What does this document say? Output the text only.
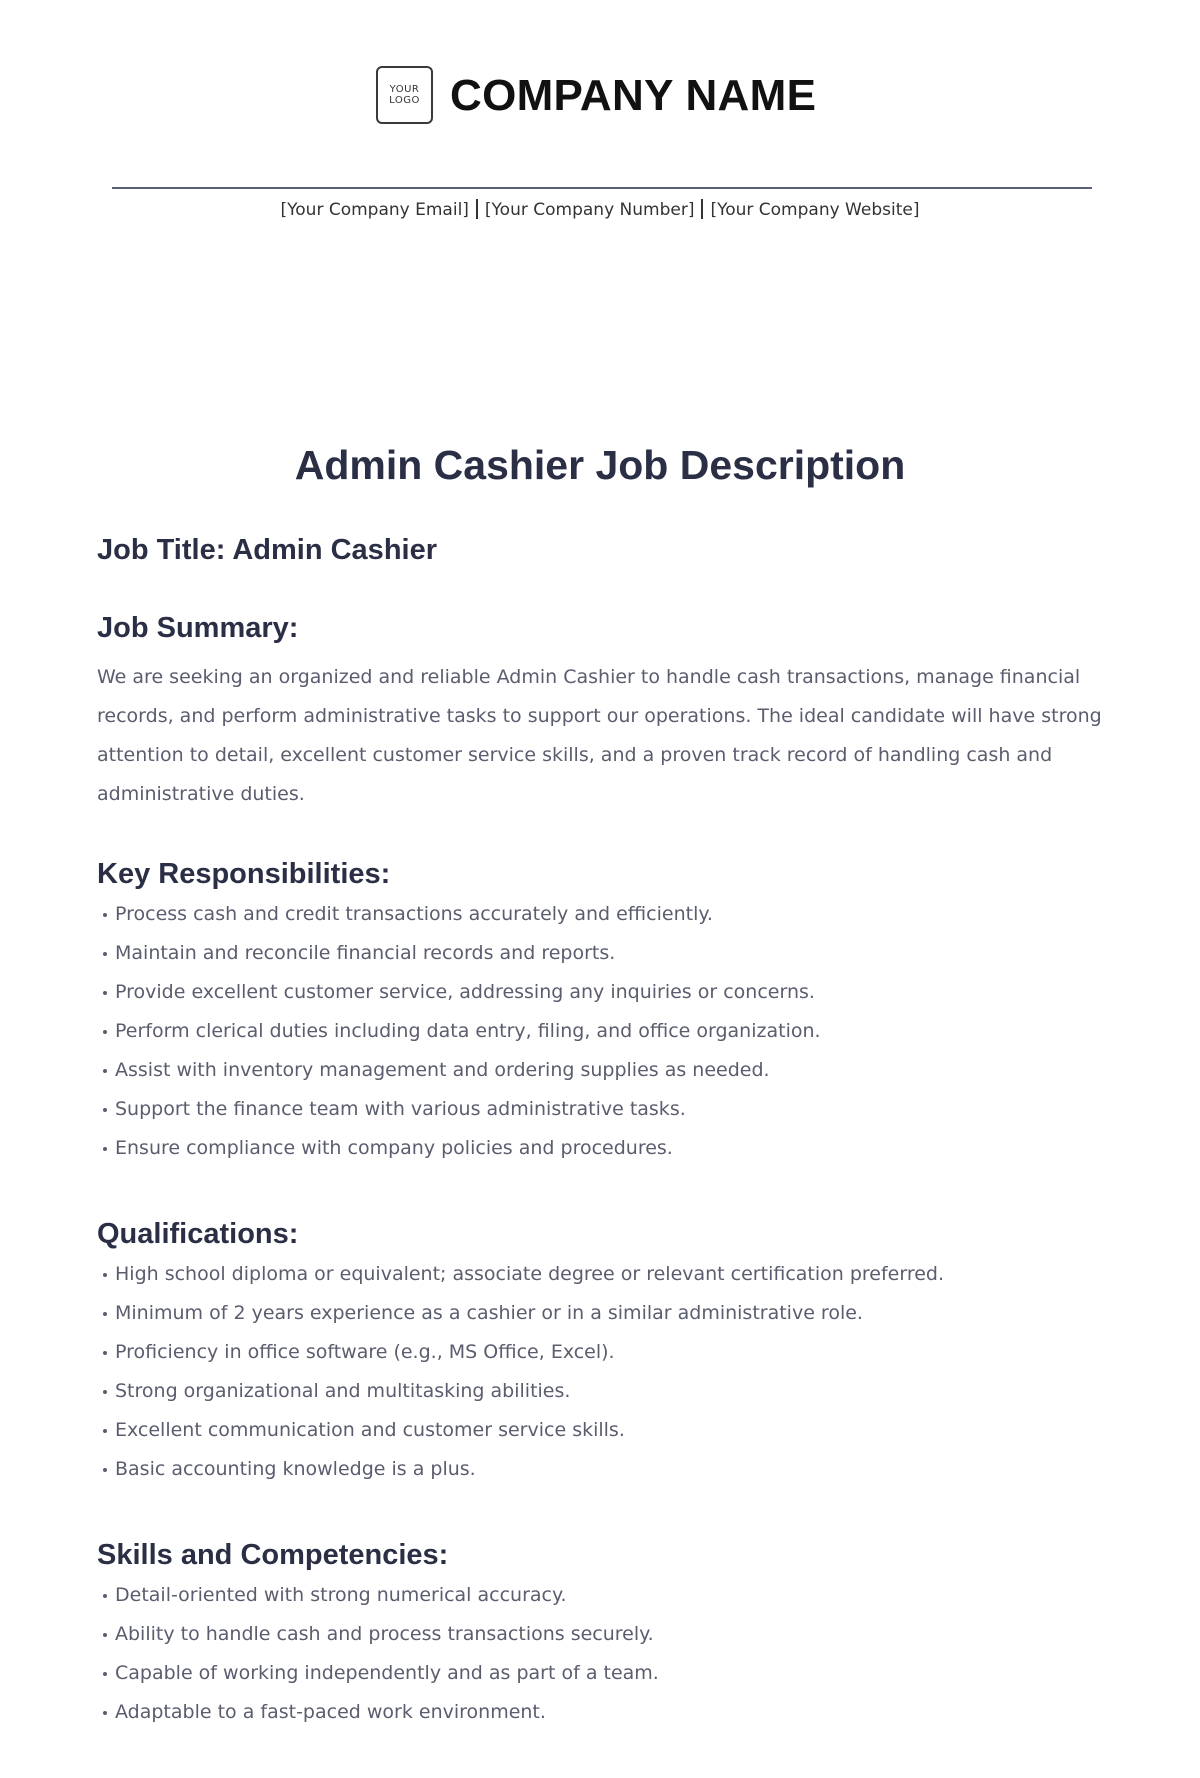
YOUR
LOGO COMPANY NAME
[Your Company Email] [Your Company Number] [Your Company Website]
Admin Cashier Job Description
Job Title: Admin Cashier
Job Summary:

We are seeking an organized and reliable Admin Cashier to handle cash transactions, manage financial records, and perform administrative tasks to support our operations. The ideal candidate will have strong attention to detail, excellent customer service skills, and a proven track record of handling cash and administrative duties.

Key Responsibilities:
Process cash and credit transactions accurately and efficiently.
Maintain and reconcile financial records and reports.
Provide excellent customer service, addressing any inquiries or concerns.
Perform clerical duties including data entry, filing, and office organization.
Assist with inventory management and ordering supplies as needed.
Support the finance team with various administrative tasks.
Ensure compliance with company policies and procedures.
Qualifications:
High school diploma or equivalent; associate degree or relevant certification preferred.
Minimum of 2 years experience as a cashier or in a similar administrative role.
Proficiency in office software (e.g., MS Office, Excel).
Strong organizational and multitasking abilities.
Excellent communication and customer service skills.
Basic accounting knowledge is a plus.
Skills and Competencies:
Detail-oriented with strong numerical accuracy.
Ability to handle cash and process transactions securely.
Capable of working independently and as part of a team.
Adaptable to a fast-paced work environment.
